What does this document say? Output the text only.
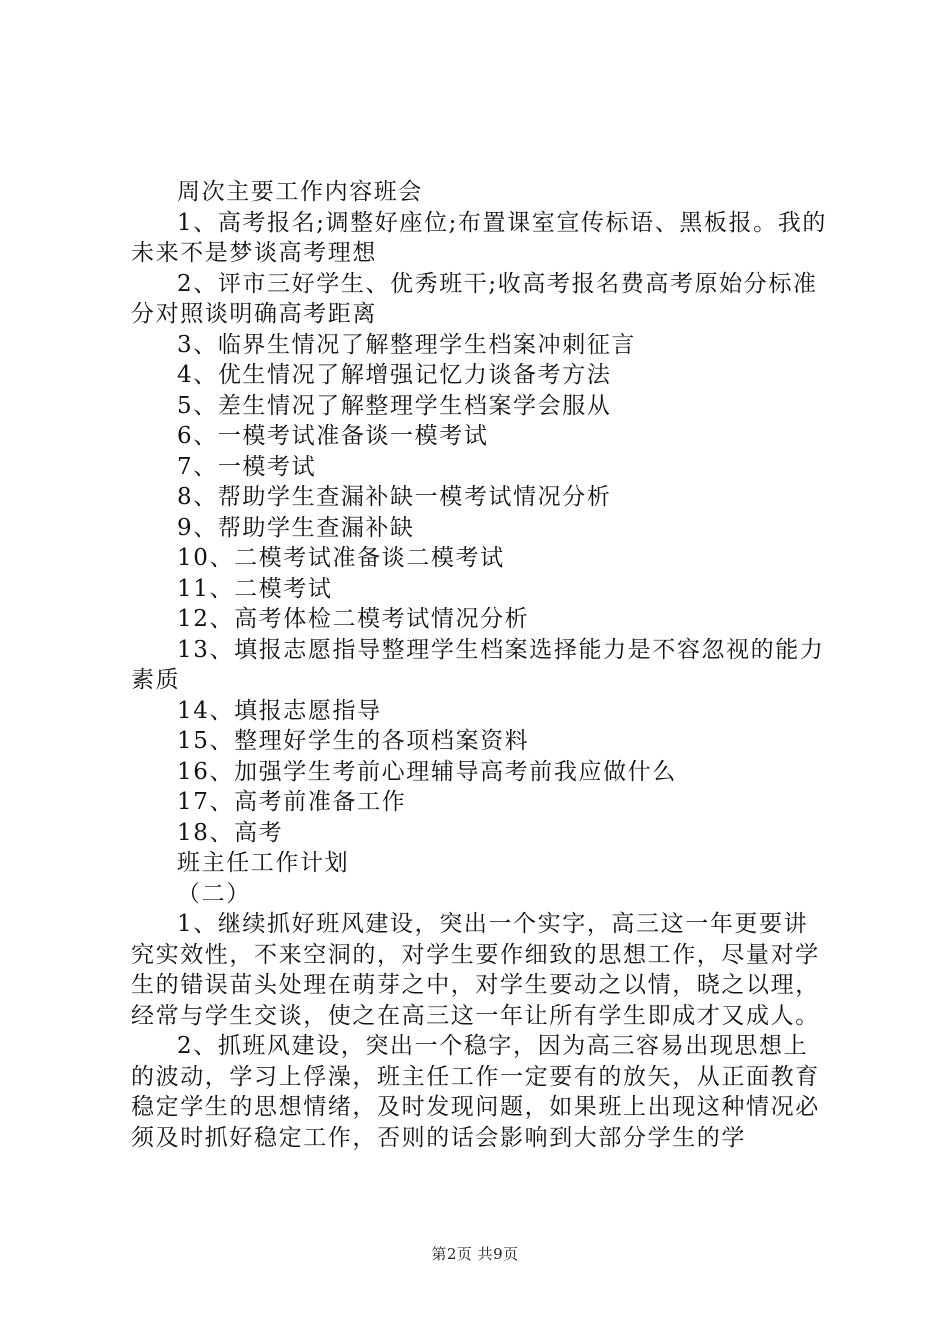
周次主要工作内容班会

1、高考报名;调整好座位;布置课室宣传标语、黑板报。我的未来不是梦谈高考理想

2、评市三好学生、优秀班干;收高考报名费高考原始分标准分对照谈明确高考距离

3、临界生情况了解整理学生档案冲刺征言

4、优生情况了解增强记忆力谈备考方法

5、差生情况了解整理学生档案学会服从

6、一模考试准备谈一模考试

7、一模考试

8、帮助学生查漏补缺一模考试情况分析

9、帮助学生查漏补缺

10、二模考试准备谈二模考试

11、二模考试

12、高考体检二模考试情况分析

13、填报志愿指导整理学生档案选择能力是不容忽视的能力素质

14、填报志愿指导

15、整理好学生的各项档案资料

16、加强学生考前心理辅导高考前我应做什么

17、高考前准备工作

18、高考

班主任工作计划

（二）

1、继续抓好班风建设，突出一个实字，高三这一年更要讲究实效性，不来空洞的，对学生要作细致的思想工作，尽量对学生的错误苗头处理在萌芽之中，对学生要动之以情，晓之以理，经常与学生交谈，使之在高三这一年让所有学生即成才又成人。

2、抓班风建设，突出一个稳字，因为高三容易出现思想上的波动，学习上俘澡，班主任工作一定要有的放矢，从正面教育稳定学生的思想情绪，及时发现问题，如果班上出现这种情况必须及时抓好稳定工作，否则的话会影响到大部分学生的学

第2页 共9页
